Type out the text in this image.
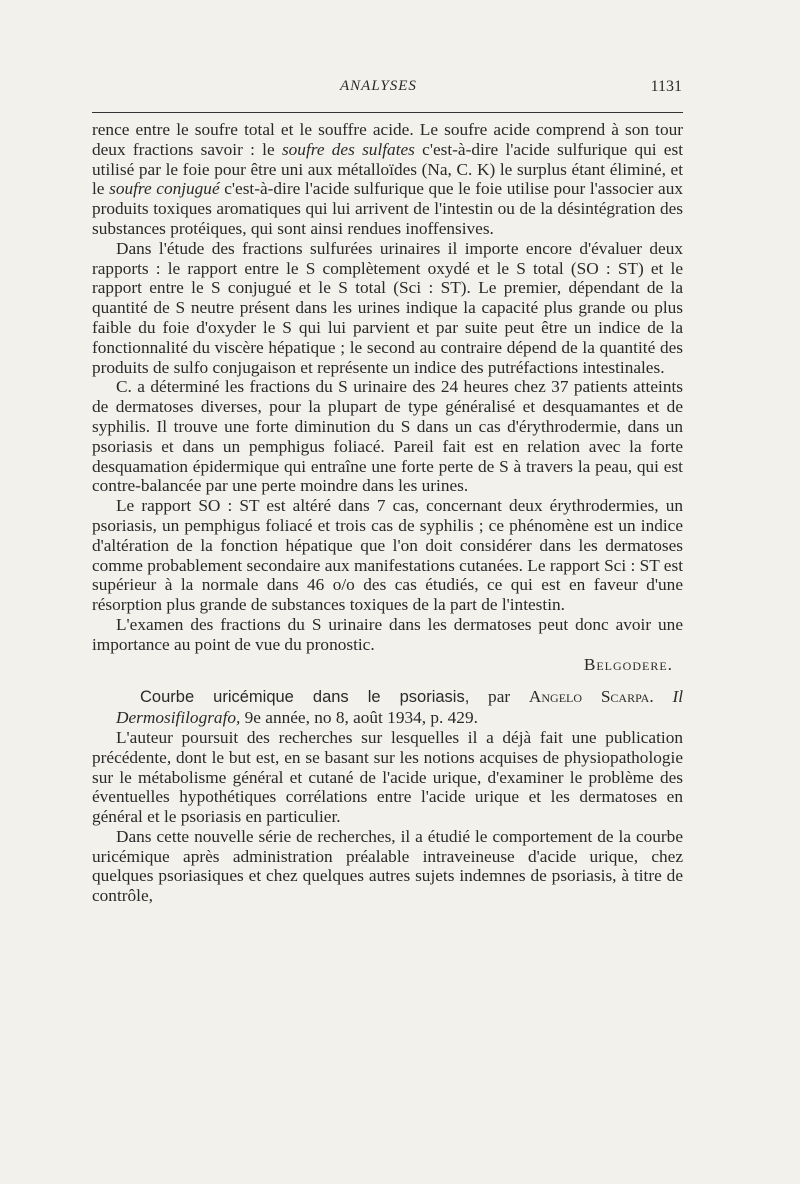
ANALYSES	1131

rence entre le soufre total et le souffre acide. Le soufre acide comprend à son tour deux fractions savoir : le soufre des sulfates c'est-à-dire l'acide sulfurique qui est utilisé par le foie pour être uni aux métalloïdes (Na, C. K) le surplus étant éliminé, et le soufre conjugué c'est-à-dire l'acide sulfurique que le foie utilise pour l'associer aux produits toxiques aromatiques qui lui arrivent de l'intestin ou de la désintégration des substances protéiques, qui sont ainsi rendues inoffensives.

Dans l'étude des fractions sulfurées urinaires il importe encore d'évaluer deux rapports : le rapport entre le S complètement oxydé et le S total (SO : ST) et le rapport entre le S conjugué et le S total (Sci : ST). Le premier, dépendant de la quantité de S neutre présent dans les urines indique la capacité plus grande ou plus faible du foie d'oxyder le S qui lui parvient et par suite peut être un indice de la fonctionnalité du viscère hépatique ; le second au contraire dépend de la quantité des produits de sulfo conjugaison et représente un indice des putréfactions intestinales.

C. a déterminé les fractions du S urinaire des 24 heures chez 37 patients atteints de dermatoses diverses, pour la plupart de type généralisé et desquamantes et de syphilis. Il trouve une forte diminution du S dans un cas d'érythrodermie, dans un psoriasis et dans un pemphigus foliacé. Pareil fait est en relation avec la forte desquamation épidermique qui entraîne une forte perte de S à travers la peau, qui est contre-balancée par une perte moindre dans les urines.

Le rapport SO : ST est altéré dans 7 cas, concernant deux érythrodermies, un psoriasis, un pemphigus foliacé et trois cas de syphilis ; ce phénomène est un indice d'altération de la fonction hépatique que l'on doit considérer dans les dermatoses comme probablement secondaire aux manifestations cutanées. Le rapport Sci : ST est supérieur à la normale dans 46 o/o des cas étudiés, ce qui est en faveur d'une résorption plus grande de substances toxiques de la part de l'intestin.

L'examen des fractions du S urinaire dans les dermatoses peut donc avoir une importance au point de vue du pronostic.

Belgodere.

Courbe uricémique dans le psoriasis, par Angelo Scarpa. Il Dermosifilografo, 9e année, no 8, août 1934, p. 429.

L'auteur poursuit des recherches sur lesquelles il a déjà fait une publication précédente, dont le but est, en se basant sur les notions acquises de physiopathologie sur le métabolisme général et cutané de l'acide urique, d'examiner le problème des éventuelles hypothétiques corrélations entre l'acide urique et les dermatoses en général et le psoriasis en particulier.

Dans cette nouvelle série de recherches, il a étudié le comportement de la courbe uricémique après administration préalable intraveineuse d'acide urique, chez quelques psoriasiques et chez quelques autres sujets indemnes de psoriasis, à titre de contrôle,
